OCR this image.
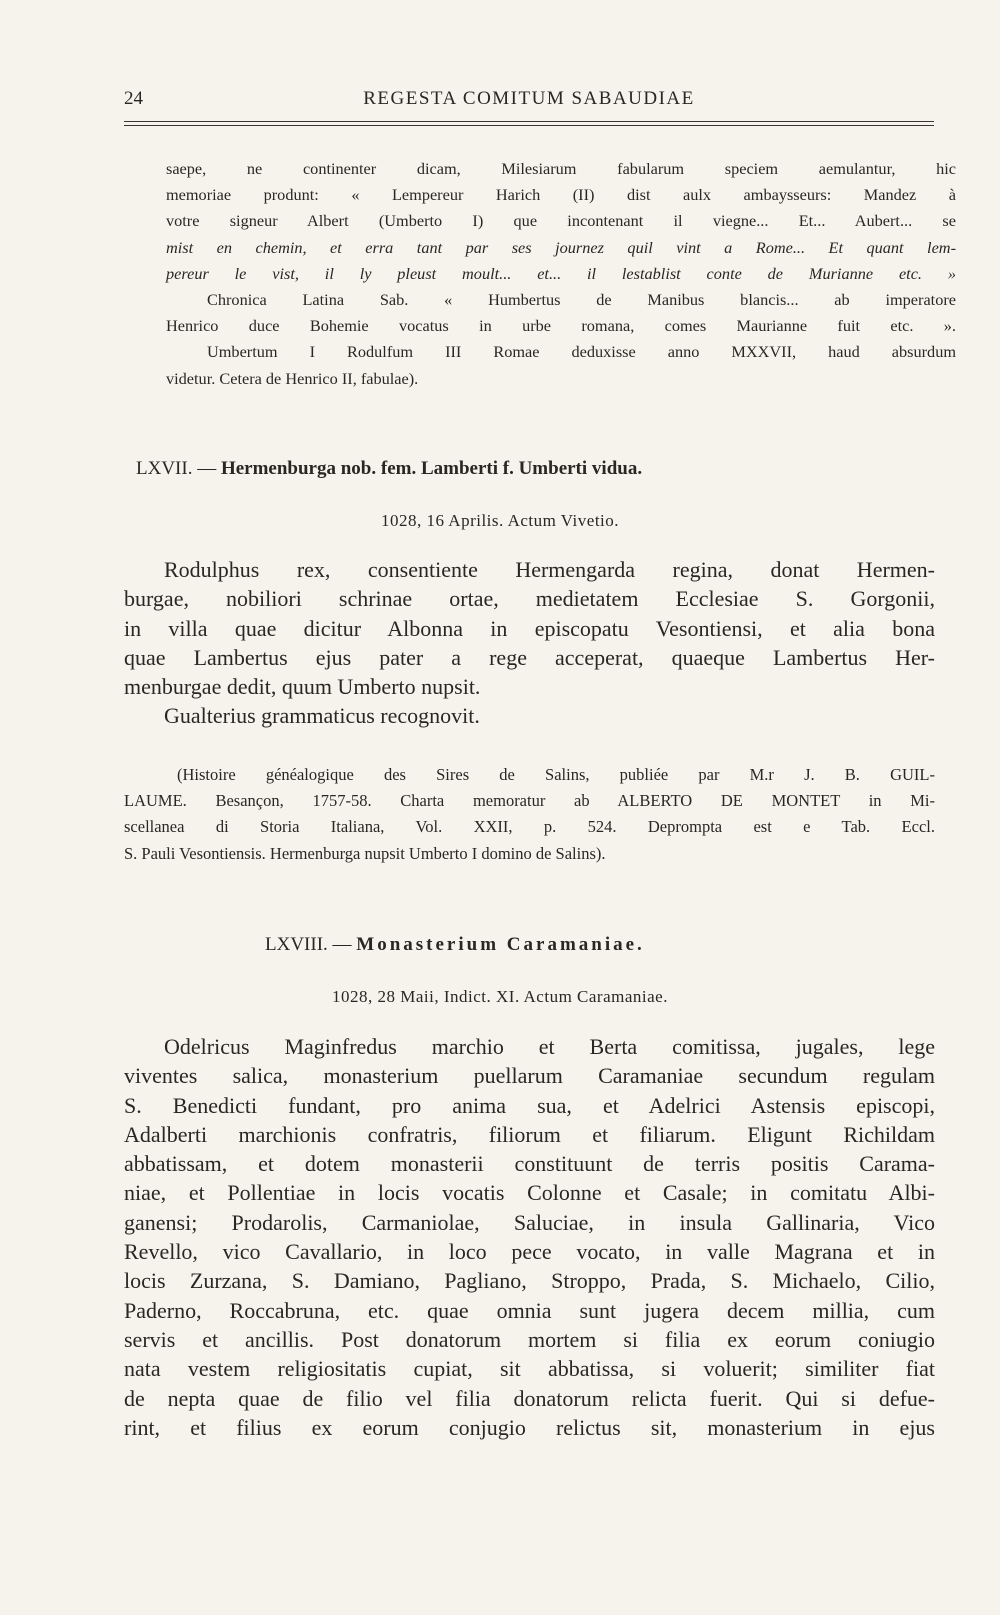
24	REGESTA COMITUM SABAUDIAE
saepe, ne continenter dicam, Milesiarum fabularum speciem aemulantur, hic
memoriae produnt: « Lempereur Harich (II) dist aulx ambaysseurs: Mandez à
votre signeur Albert (Umberto I) que incontenant il viegne... Et... Aubert... se
mist en chemin, et erra tant par ses journez quil vint a Rome... Et quant lem-
pereur le vist, il ly pleust moult... et... il lestablist conte de Murianne etc. »
Chronica Latina Sab. « Humbertus de Manibus blancis... ab imperatore
Henrico duce Bohemie vocatus in urbe romana, comes Maurianne fuit etc. ».
Umbertum I Rodulfum III Romae deduxisse anno MXXVII, haud absurdum
videtur. Cetera de Henrico II, fabulae).
LXVII. — Hermenburga nob. fem. Lamberti f. Umberti vidua.
1028, 16 Aprilis. Actum Vivetio.
Rodulphus rex, consentiente Hermengarda regina, donat Hermen-
burgae, nobiliori schrinae ortae, medietatem Ecclesiae S. Gorgonii,
in villa quae dicitur Albonna in episcopatu Vesontiensi, et alia bona
quae Lambertus ejus pater a rege acceperat, quaeque Lambertus Her-
menburgae dedit, quum Umberto nupsit.
Gualterius grammaticus recognovit.
(Histoire généalogique des Sires de Salins, publiée par M.r J. B. GUIL-
LAUME. Besançon, 1757-58. Charta memoratur ab ALBERTO DE MONTET in Mi-
scellanea di Storia Italiana, Vol. XXII, p. 524. Deprompta est e Tab. Eccl.
S. Pauli Vesontiensis. Hermenburga nupsit Umberto I domino de Salins).
LXVIII. — Monasterium Caramaniae.
1028, 28 Maii, Indict. XI. Actum Caramaniae.
Odelricus Maginfredus marchio et Berta comitissa, jugales, lege
viventes salica, monasterium puellarum Caramaniae secundum regulam
S. Benedicti fundant, pro anima sua, et Adelrici Astensis episcopi,
Adalberti marchionis confratris, filiorum et filiarum. Eligunt Richildam
abbatissam, et dotem monasterii constituunt de terris positis Carama-
niae, et Pollentiae in locis vocatis Colonne et Casale; in comitatu Albi-
ganensi; Prodarolis, Carmaniolae, Saluciae, in insula Gallinaria, Vico
Revello, vico Cavallario, in loco pece vocato, in valle Magrana et in
locis Zurzana, S. Damiano, Pagliano, Stroppo, Prada, S. Michaelo, Cilio,
Paderno, Roccabruna, etc. quae omnia sunt jugera decem millia, cum
servis et ancillis. Post donatorum mortem si filia ex eorum coniugio
nata vestem religiositatis cupiat, sit abbatissa, si voluerit; similiter fiat
de nepta quae de filio vel filia donatorum relicta fuerit. Qui si defue-
rint, et filius ex eorum conjugio relictus sit, monasterium in ejus
